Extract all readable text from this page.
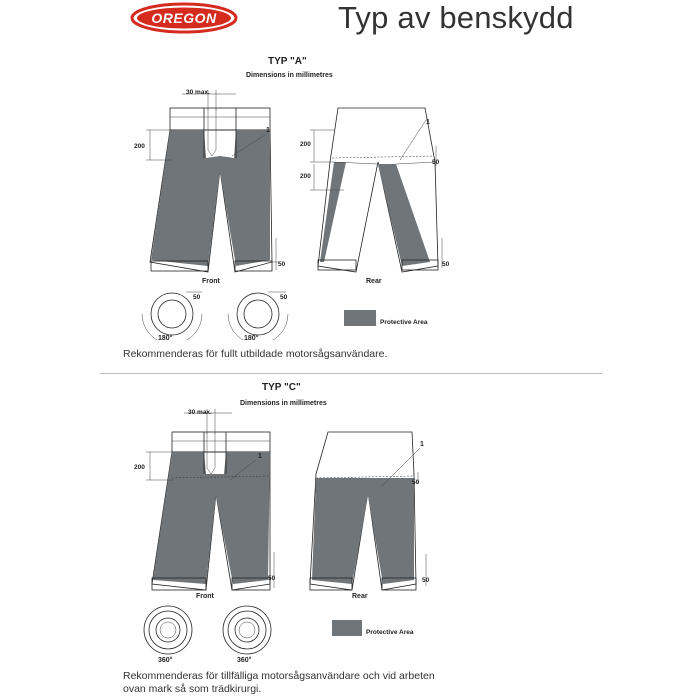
OREGON	Typ av benskydd
TYP "A"
Dimensions in millimetres
30 max.
200
1
50
Front
200
200
1
50
50
Rear
50	50
180°	180°
Protective Area
Rekommenderas för fullt utbildade motorsågsanvändare.
TYP "C"
Dimensions in millimetres
30 max.
200
1
50
Front
1
50
50
Rear
360°	360°
Protective Area
Rekommenderas för tillfälliga motorsågsanvändare och vid arbeten
ovan mark så som trädkirurgi.
